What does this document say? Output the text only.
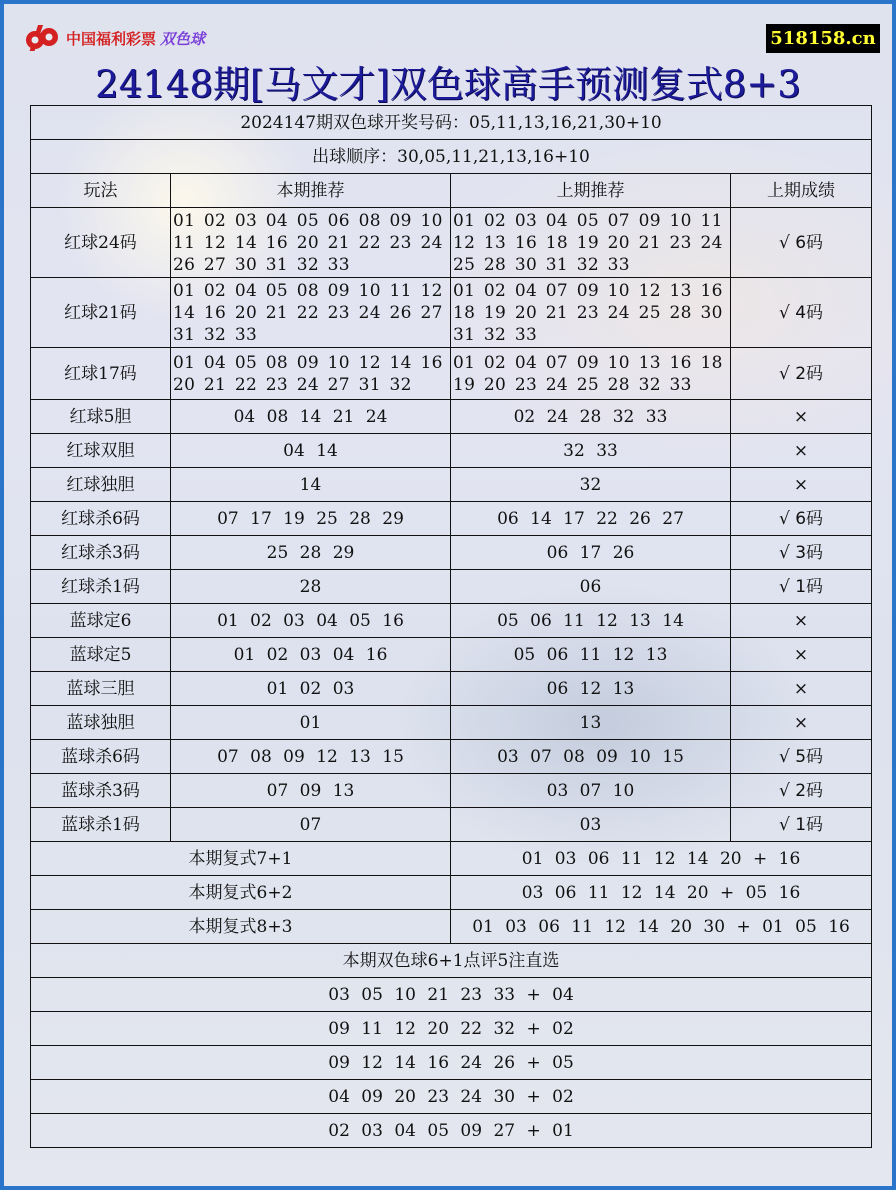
中国福利彩票 双色球	518158.cn
24148期[马文才]双色球高手预测复式8+3
2024147期双色球开奖号码：05,11,13,16,21,30+10			
出球顺序：30,05,11,21,13,16+10			
玩法	本期推荐	上期推荐	上期成绩
红球24码	01 02 03 04 05 06 08 09 10
11 12 14 16 20 21 22 23 24
26 27 30 31 32 33	01 02 03 04 05 07 09 10 11
12 13 16 18 19 20 21 23 24
25 28 30 31 32 33	√ 6码
红球21码	01 02 04 05 08 09 10 11 12
14 16 20 21 22 23 24 26 27
31 32 33	01 02 04 07 09 10 12 13 16
18 19 20 21 23 24 25 28 30
31 32 33	√ 4码
红球17码	01 04 05 08 09 10 12 14 16
20 21 22 23 24 27 31 32	01 02 04 07 09 10 13 16 18
19 20 23 24 25 28 32 33	√ 2码
红球5胆	04 08 14 21 24	02 24 28 32 33	×
红球双胆	04 14	32 33	×
红球独胆	14	32	×
红球杀6码	07 17 19 25 28 29	06 14 17 22 26 27	√ 6码
红球杀3码	25 28 29	06 17 26	√ 3码
红球杀1码	28	06	√ 1码
蓝球定6	01 02 03 04 05 16	05 06 11 12 13 14	×
蓝球定5	01 02 03 04 16	05 06 11 12 13	×
蓝球三胆	01 02 03	06 12 13	×
蓝球独胆	01	13	×
蓝球杀6码	07 08 09 12 13 15	03 07 08 09 10 15	√ 5码
蓝球杀3码	07 09 13	03 07 10	√ 2码
蓝球杀1码	07	03	√ 1码
本期复式7+1		01 03 06 11 12 14 20 + 16	
本期复式6+2		03 06 11 12 14 20 + 05 16	
本期复式8+3		01 03 06 11 12 14 20 30 + 01 05 16	
本期双色球6+1点评5注直选			
03 05 10 21 23 33 + 04			
09 11 12 20 22 32 + 02			
09 12 14 16 24 26 + 05			
04 09 20 23 24 30 + 02			
02 03 04 05 09 27 + 01			
